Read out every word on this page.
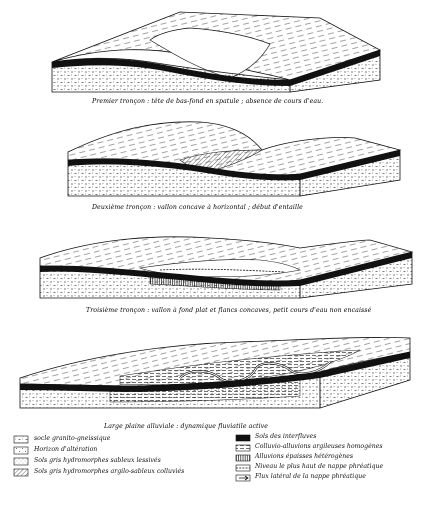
Premier tronçon : tête de bas-fond en spatule ; absence de cours d'eau.
Deuxième tronçon : vallon concave à horizontal ; début d'entaille
Troisième tronçon : vallon à fond plat et flancs concaves, petit cours d'eau non encaissé
Large plaine alluviale : dynamique fluviatile active
socle granito-gneissique
Horizon d'altération
Sols gris hydromorphes sableux lessivés
Sols gris hydromorphes argilo-sableux colluviés
Sols des interfluves
Colluvio-alluvions argileuses homogènes
Alluvions épaisses hétérogènes
Niveau le plus haut de nappe phréatique
Flux latéral de la nappe phréatique
